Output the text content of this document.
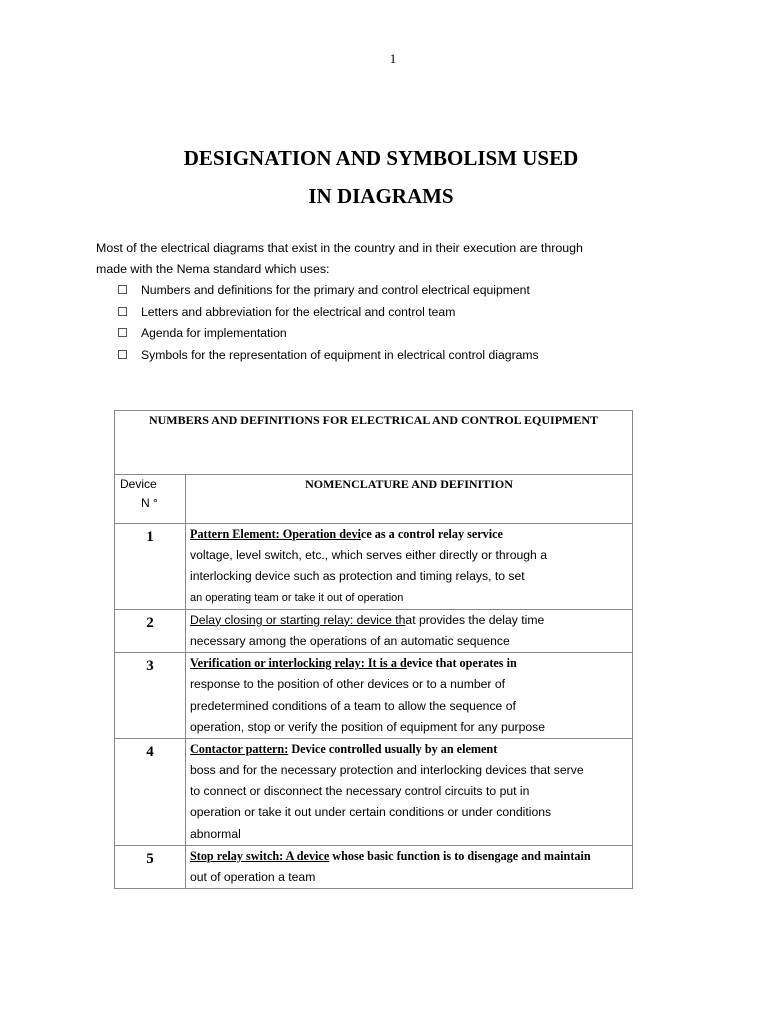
1
DESIGNATION AND SYMBOLISM USED
IN DIAGRAMS
Most of the electrical diagrams that exist in the country and in their execution are through
made with the Nema standard which uses:
Numbers and definitions for the primary and control electrical equipment
Letters and abbreviation for the electrical and control team
Agenda for implementation
Symbols for the representation of equipment in electrical control diagrams
NUMBERS AND DEFINITIONS FOR ELECTRICAL AND CONTROL EQUIPMENT	

Device
N °	NOMENCLATURE AND DEFINITION
1	Pattern Element: Operation device as a control relay service
voltage, level switch, etc., which serves either directly or through a
interlocking device such as protection and timing relays, to set
an operating team or take it out of operation

2	Delay closing or starting relay: device that provides the delay time
necessary among the operations of an automatic sequence

3	Verification or interlocking relay: It is a device that operates in
response to the position of other devices or to a number of
predetermined conditions of a team to allow the sequence of
operation, stop or verify the position of equipment for any purpose

4	Contactor pattern: Device controlled usually by an element
boss and for the necessary protection and interlocking devices that serve
to connect or disconnect the necessary control circuits to put in
operation or take it out under certain conditions or under conditions
abnormal

5	Stop relay switch: A device whose basic function is to disengage and maintain
out of operation a team
